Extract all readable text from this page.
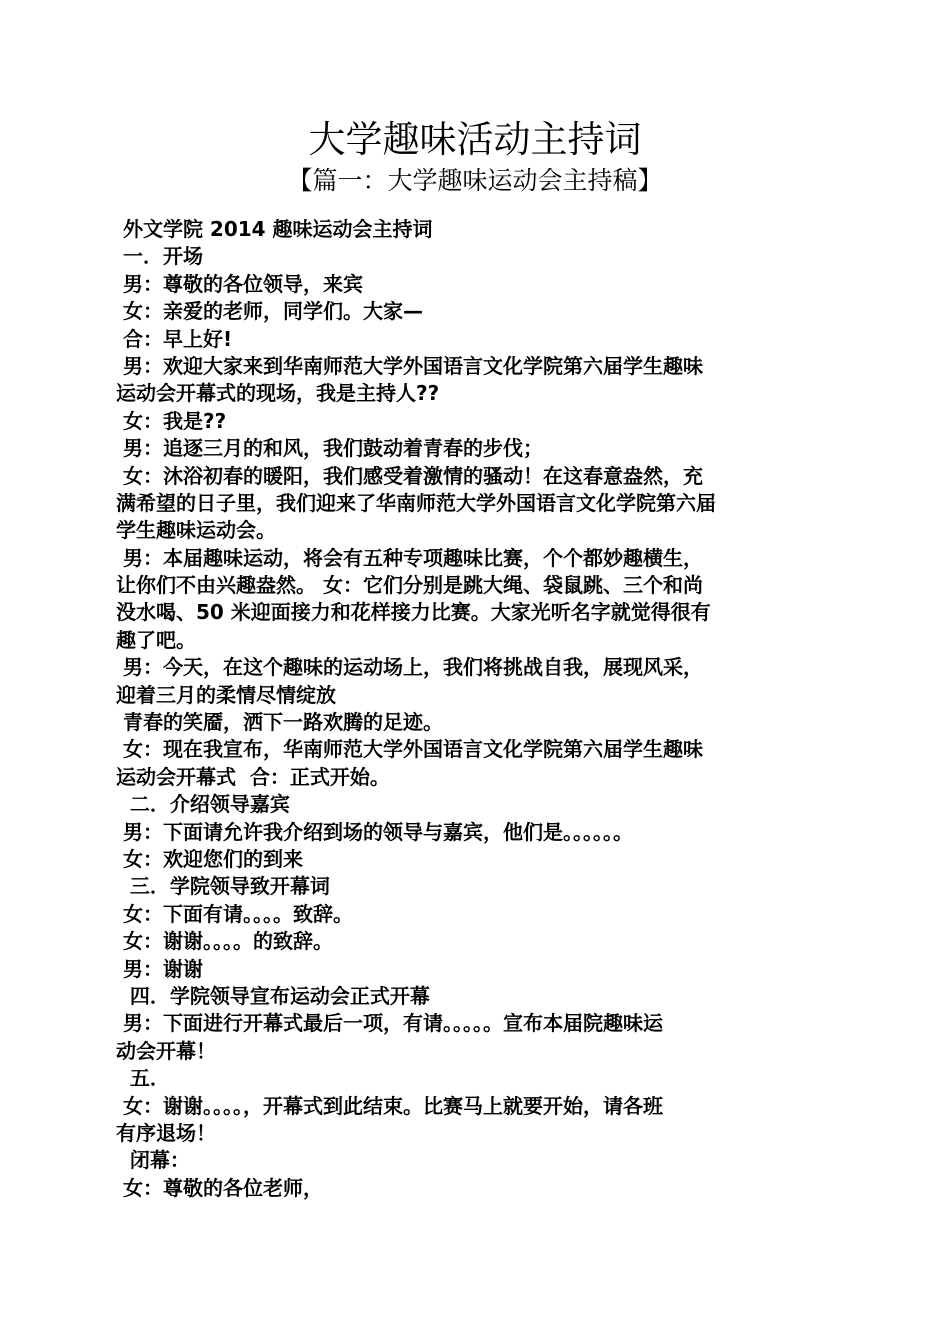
大学趣味活动主持词
【篇一：大学趣味运动会主持稿】
外文学院 2014 趣味运动会主持词
一．开场
男：尊敬的各位领导，来宾
女：亲爱的老师，同学们。大家—
合：早上好!
男：欢迎大家来到华南师范大学外国语言文化学院第六届学生趣味
运动会开幕式的现场，我是主持人??
女：我是??
男：追逐三月的和风，我们鼓动着青春的步伐；
女：沐浴初春的暖阳，我们感受着激情的骚动！在这春意盎然，充
满希望的日子里，我们迎来了华南师范大学外国语言文化学院第六届
学生趣味运动会。
男：本届趣味运动，将会有五种专项趣味比赛，个个都妙趣横生，
让你们不由兴趣盎然。 女：它们分别是跳大绳、袋鼠跳、三个和尚
没水喝、50 米迎面接力和花样接力比赛。大家光听名字就觉得很有
趣了吧。
男：今天，在这个趣味的运动场上，我们将挑战自我，展现风采，
迎着三月的柔情尽情绽放
青春的笑靥，洒下一路欢腾的足迹。
女：现在我宣布，华南师范大学外国语言文化学院第六届学生趣味
运动会开幕式  合：正式开始。
二．介绍领导嘉宾
男：下面请允许我介绍到场的领导与嘉宾，他们是。。。。。。
女：欢迎您们的到来
三．学院领导致开幕词
女：下面有请。。。。致辞。
女：谢谢。。。。的致辞。
男：谢谢
四．学院领导宣布运动会正式开幕
男：下面进行开幕式最后一项，有请。。。。。宣布本届院趣味运
动会开幕！
五．
女：谢谢。。。。，开幕式到此结束。比赛马上就要开始，请各班
有序退场！
闭幕：
女：尊敬的各位老师，
